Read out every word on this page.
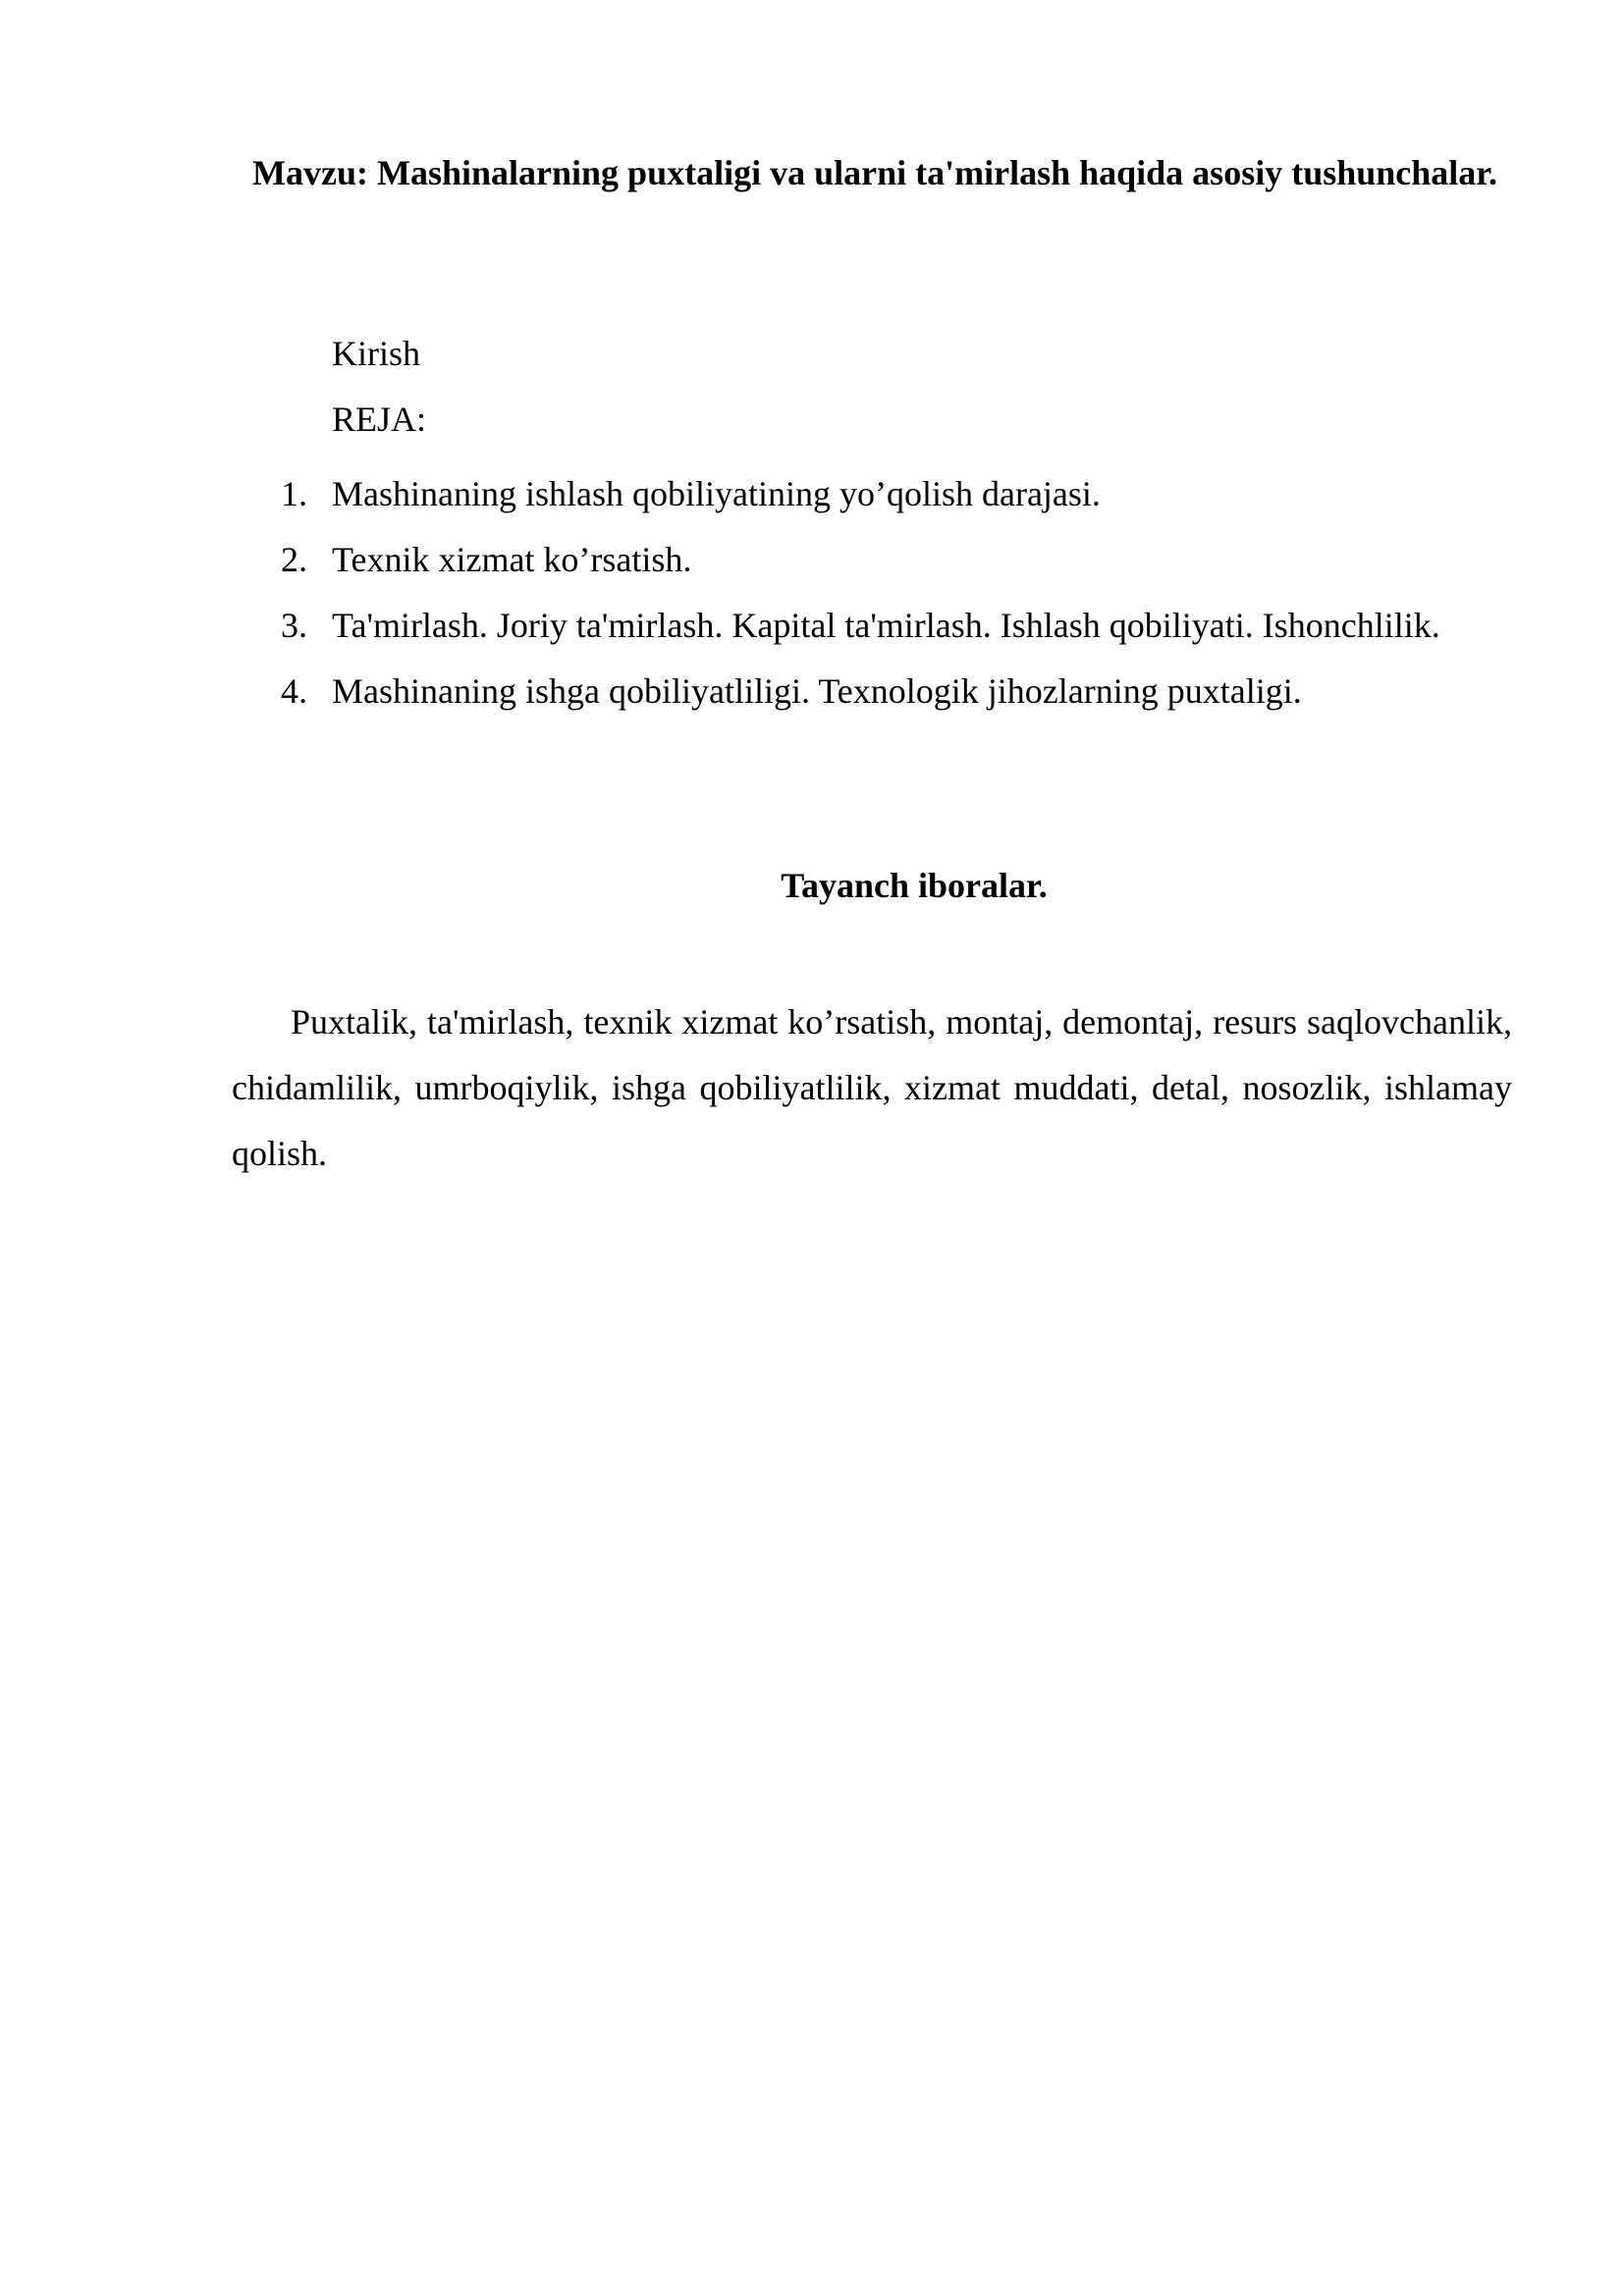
Mavzu: Mashinalarning puxtaligi va ularni ta'mirlash haqida asosiy tushunchalar.
Kirish
REJA:
1. Mashinaning ishlash qobiliyatining yo’qolish darajasi.
2. Texnik xizmat ko’rsatish.
3. Ta'mirlash. Joriy ta'mirlash. Kapital ta'mirlash. Ishlash qobiliyati. Ishonchlilik.
4. Mashinaning ishga qobiliyatliligi. Texnologik jihozlarning puxtaligi.
Tayanch iboralar.

Puxtalik, ta'mirlash, texnik xizmat ko’rsatish, montaj, demontaj, resurs saqlovchanlik, chidamlilik, umrboqiylik, ishga qobiliyatlilik, xizmat muddati, detal, nosozlik, ishlamay qolish.
